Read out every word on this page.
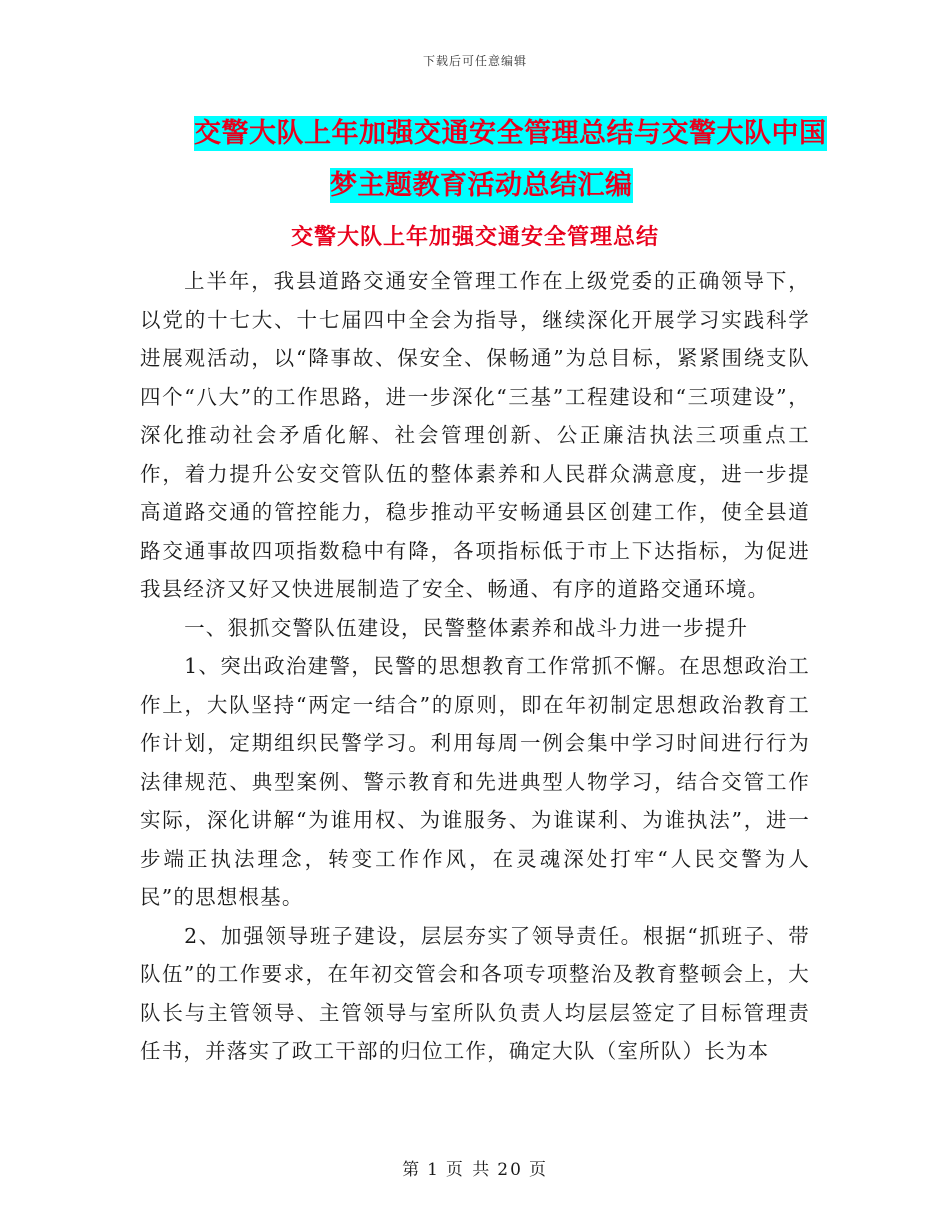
下载后可任意编辑
交警大队上年加强交通安全管理总结与交警大队中国
梦主题教育活动总结汇编
交警大队上年加强交通安全管理总结

上半年，我县道路交通安全管理工作在上级党委的正确领导下，以党的十七大、十七届四中全会为指导，继续深化开展学习实践科学进展观活动，以“降事故、保安全、保畅通”为总目标，紧紧围绕支队四个“八大”的工作思路，进一步深化“三基”工程建设和“三项建设”，深化推动社会矛盾化解、社会管理创新、公正廉洁执法三项重点工作，着力提升公安交管队伍的整体素养和人民群众满意度，进一步提高道路交通的管控能力，稳步推动平安畅通县区创建工作，使全县道路交通事故四项指数稳中有降，各项指标低于市上下达指标，为促进我县经济又好又快进展制造了安全、畅通、有序的道路交通环境。

一、狠抓交警队伍建设，民警整体素养和战斗力进一步提升

1、突出政治建警，民警的思想教育工作常抓不懈。在思想政治工作上，大队坚持“两定一结合”的原则，即在年初制定思想政治教育工作计划，定期组织民警学习。利用每周一例会集中学习时间进行行为法律规范、典型案例、警示教育和先进典型人物学习，结合交管工作实际，深化讲解“为谁用权、为谁服务、为谁谋利、为谁执法”，进一步端正执法理念，转变工作作风，在灵魂深处打牢“人民交警为人民”的思想根基。

2、加强领导班子建设，层层夯实了领导责任。根据“抓班子、带队伍”的工作要求，在年初交管会和各项专项整治及教育整顿会上，大队长与主管领导、主管领导与室所队负责人均层层签定了目标管理责任书，并落实了政工干部的归位工作，确定大队（室所队）长为本

第 1 页 共 20 页
